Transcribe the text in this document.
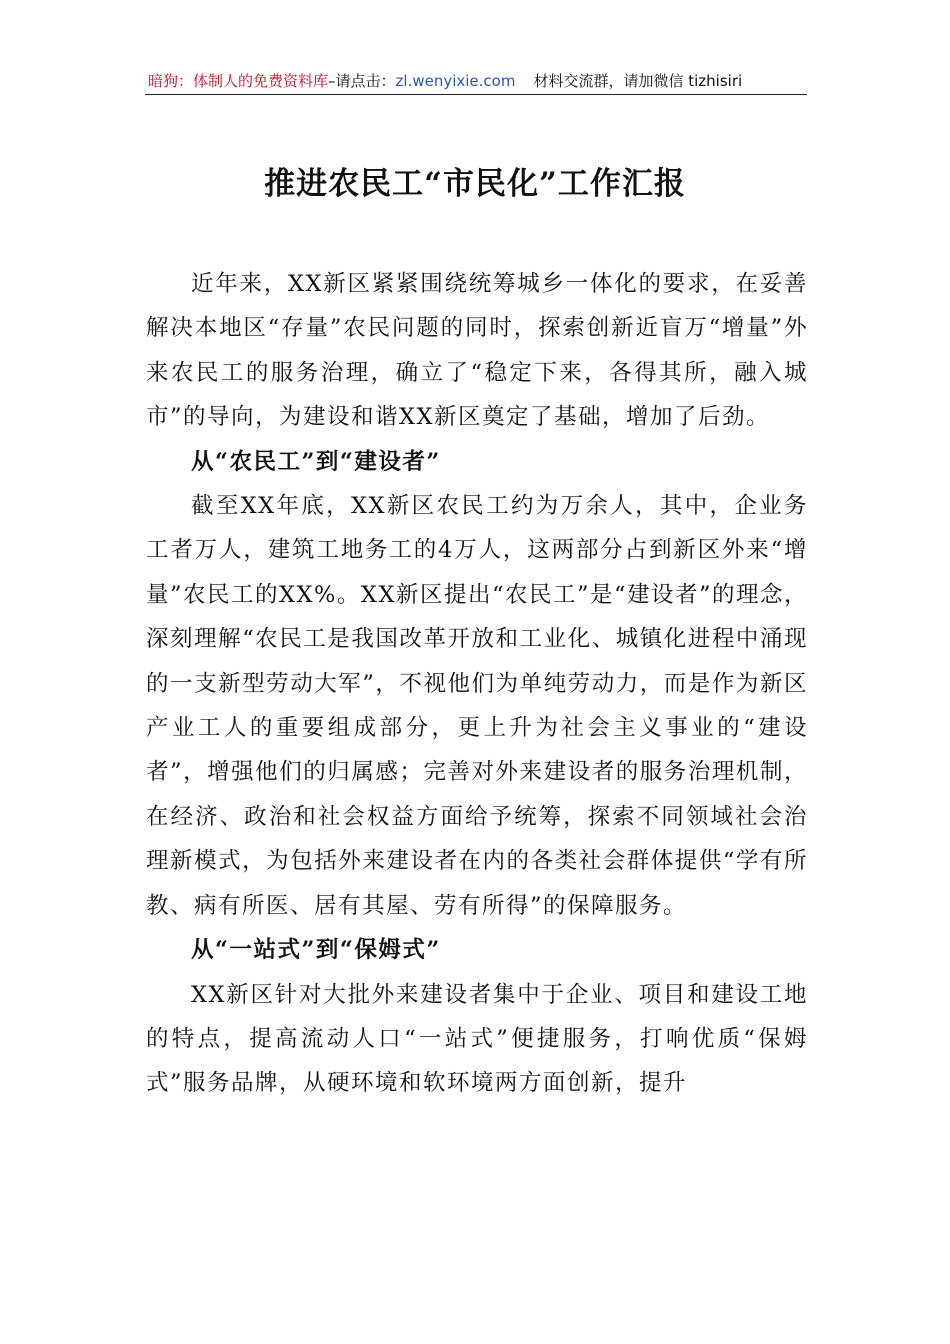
暗狗：体制人的免费资料库–请点击：zl.wenyixie.com 材料交流群，请加微信 tizhisiri
推进农民工“市民化”工作汇报

近年来，XX新区紧紧围绕统筹城乡一体化的要求，在妥善解决本地区“存量”农民问题的同时，探索创新近盲万“增量”外来农民工的服务治理，确立了“稳定下来，各得其所，融入城市”的导向，为建设和谐XX新区奠定了基础，增加了后劲。

从“农民工”到“建设者”

截至XX年底，XX新区农民工约为万余人，其中，企业务工者万人，建筑工地务工的4万人，这两部分占到新区外来“增量”农民工的XX%。XX新区提出“农民工”是“建设者”的理念，深刻理解“农民工是我国改革开放和工业化、城镇化进程中涌现的一支新型劳动大军”，不视他们为单纯劳动力，而是作为新区产业工人的重要组成部分，更上升为社会主义事业的“建设者”，增强他们的归属感；完善对外来建设者的服务治理机制，在经济、政治和社会权益方面给予统筹，探索不同领域社会治理新模式，为包括外来建设者在内的各类社会群体提供“学有所教、病有所医、居有其屋、劳有所得”的保障服务。

从“一站式”到“保姆式”

XX新区针对大批外来建设者集中于企业、项目和建设工地的特点，提高流动人口“一站式”便捷服务，打响优质“保姆式”服务品牌，从硬环境和软环境两方面创新，提升
